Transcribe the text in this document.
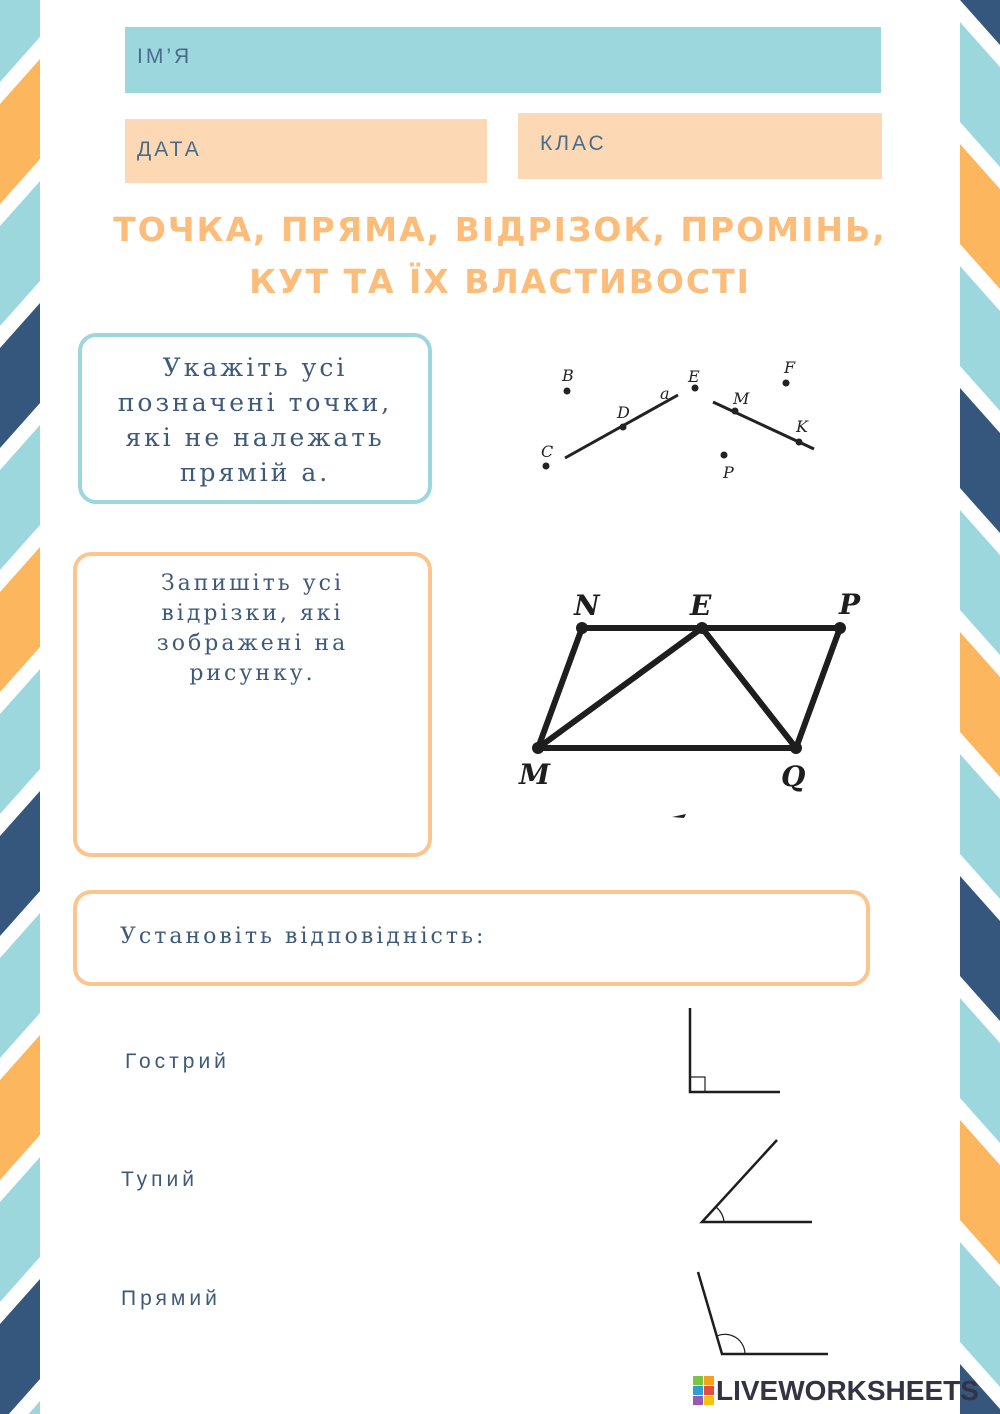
ІМ’Я
ДАТА	КЛАС
ТОЧКА, ПРЯМА, ВІДРІЗОК, ПРОМІНЬ,
КУТ ТА ЇХ ВЛАСТИВОСТІ
Укажіть усі
позначені точки,
які не належать
прямій а.
B	E	F
a
D
M
K
C
P
Запишіть усі
відрізки, які
зображені на
рисунку.
N	E	P
M	Q
Установіть відповідність:
Гострий
Тупий
Прямий
LIVEWORKSHEETS
